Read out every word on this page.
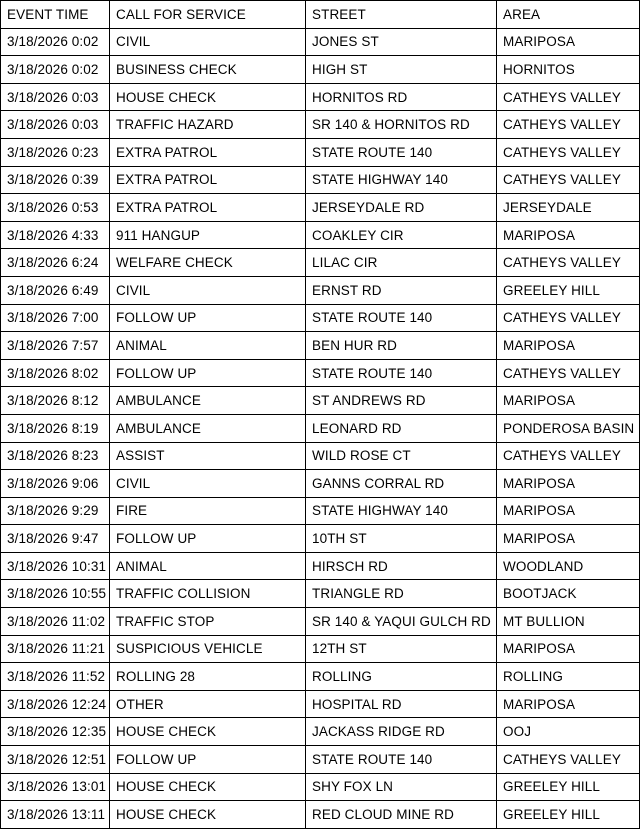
EVENT TIME	CALL FOR SERVICE	STREET	AREA
3/18/2026 0:02	CIVIL	JONES ST	MARIPOSA
3/18/2026 0:02	BUSINESS CHECK	HIGH ST	HORNITOS
3/18/2026 0:03	HOUSE CHECK	HORNITOS RD	CATHEYS VALLEY
3/18/2026 0:03	TRAFFIC HAZARD	SR 140 & HORNITOS RD	CATHEYS VALLEY
3/18/2026 0:23	EXTRA PATROL	STATE ROUTE 140	CATHEYS VALLEY
3/18/2026 0:39	EXTRA PATROL	STATE HIGHWAY 140	CATHEYS VALLEY
3/18/2026 0:53	EXTRA PATROL	JERSEYDALE RD	JERSEYDALE
3/18/2026 4:33	911 HANGUP	COAKLEY CIR	MARIPOSA
3/18/2026 6:24	WELFARE CHECK	LILAC CIR	CATHEYS VALLEY
3/18/2026 6:49	CIVIL	ERNST RD	GREELEY HILL
3/18/2026 7:00	FOLLOW UP	STATE ROUTE 140	CATHEYS VALLEY
3/18/2026 7:57	ANIMAL	BEN HUR RD	MARIPOSA
3/18/2026 8:02	FOLLOW UP	STATE ROUTE 140	CATHEYS VALLEY
3/18/2026 8:12	AMBULANCE	ST ANDREWS RD	MARIPOSA
3/18/2026 8:19	AMBULANCE	LEONARD RD	PONDEROSA BASIN
3/18/2026 8:23	ASSIST	WILD ROSE CT	CATHEYS VALLEY
3/18/2026 9:06	CIVIL	GANNS CORRAL RD	MARIPOSA
3/18/2026 9:29	FIRE	STATE HIGHWAY 140	MARIPOSA
3/18/2026 9:47	FOLLOW UP	10TH ST	MARIPOSA
3/18/2026 10:31	ANIMAL	HIRSCH RD	WOODLAND
3/18/2026 10:55	TRAFFIC COLLISION	TRIANGLE RD	BOOTJACK
3/18/2026 11:02	TRAFFIC STOP	SR 140 & YAQUI GULCH RD	MT BULLION
3/18/2026 11:21	SUSPICIOUS VEHICLE	12TH ST	MARIPOSA
3/18/2026 11:52	ROLLING 28	ROLLING	ROLLING
3/18/2026 12:24	OTHER	HOSPITAL RD	MARIPOSA
3/18/2026 12:35	HOUSE CHECK	JACKASS RIDGE RD	OOJ
3/18/2026 12:51	FOLLOW UP	STATE ROUTE 140	CATHEYS VALLEY
3/18/2026 13:01	HOUSE CHECK	SHY FOX LN	GREELEY HILL
3/18/2026 13:11	HOUSE CHECK	RED CLOUD MINE RD	GREELEY HILL
